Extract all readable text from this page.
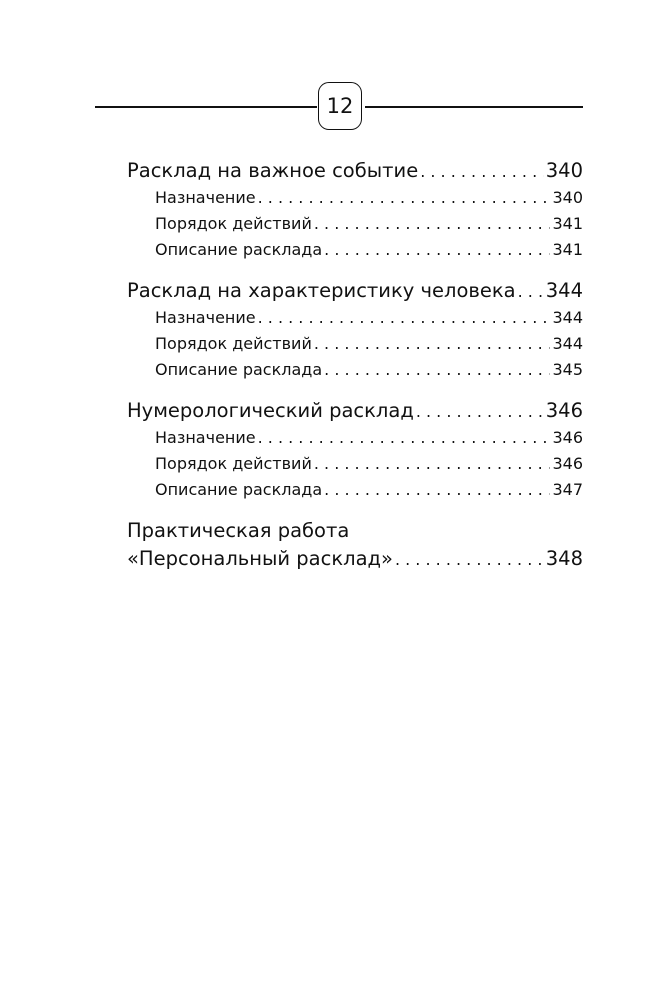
12
Расклад на важное событие . . .	340
Назначение . . .	340
Порядок действий . . .	341
Описание расклада . . .	341
Расклад на характеристику человека . . . 344
Назначение . . .	344
Порядок действий . . .	344
Описание расклада . . .	345
Нумерологический расклад . . .	346
Назначение . . .	346
Порядок действий . . .	346
Описание расклада . . .	347
Практическая работа
«Персональный расклад» . . .	348
